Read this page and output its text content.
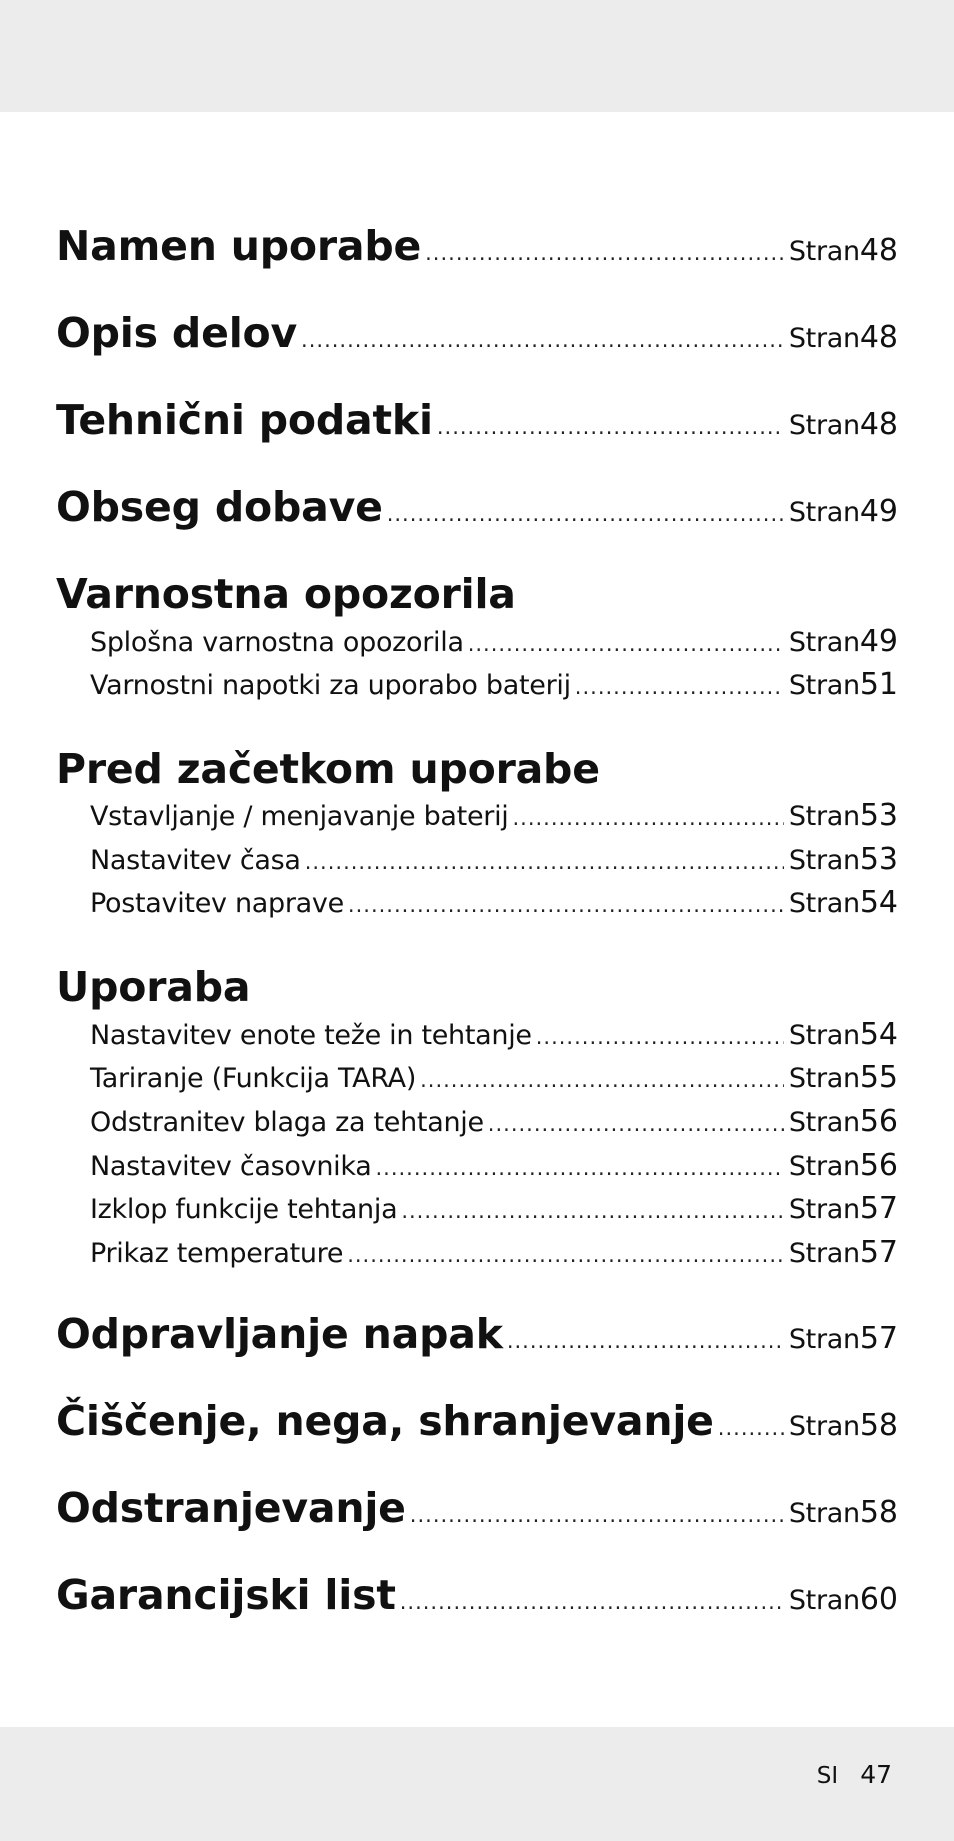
Namen uporabe .....	Stran 48
Opis delov .....	Stran 48
Tehnični podatki .....	Stran 48
Obseg dobave .....	Stran 49
Varnostna opozorila
Splošna varnostna opozorila .....	Stran 49
Varnostni napotki za uporabo baterij .....	Stran 51
Pred začetkom uporabe
Vstavljanje / menjavanje baterij .....	Stran 53
Nastavitev časa .....	Stran 53
Postavitev naprave .....	Stran 54
Uporaba
Nastavitev enote teže in tehtanje .....	Stran 54
Tariranje (Funkcija TARA) .....	Stran 55
Odstranitev blaga za tehtanje .....	Stran 56
Nastavitev časovnika .....	Stran 56
Izklop funkcije tehtanja .....	Stran 57
Prikaz temperature .....	Stran 57
Odpravljanje napak .....	Stran 57
Čiščenje, nega, shranjevanje .....	Stran 58
Odstranjevanje .....	Stran 58
Garancijski list .....	Stran 60
SI 47
